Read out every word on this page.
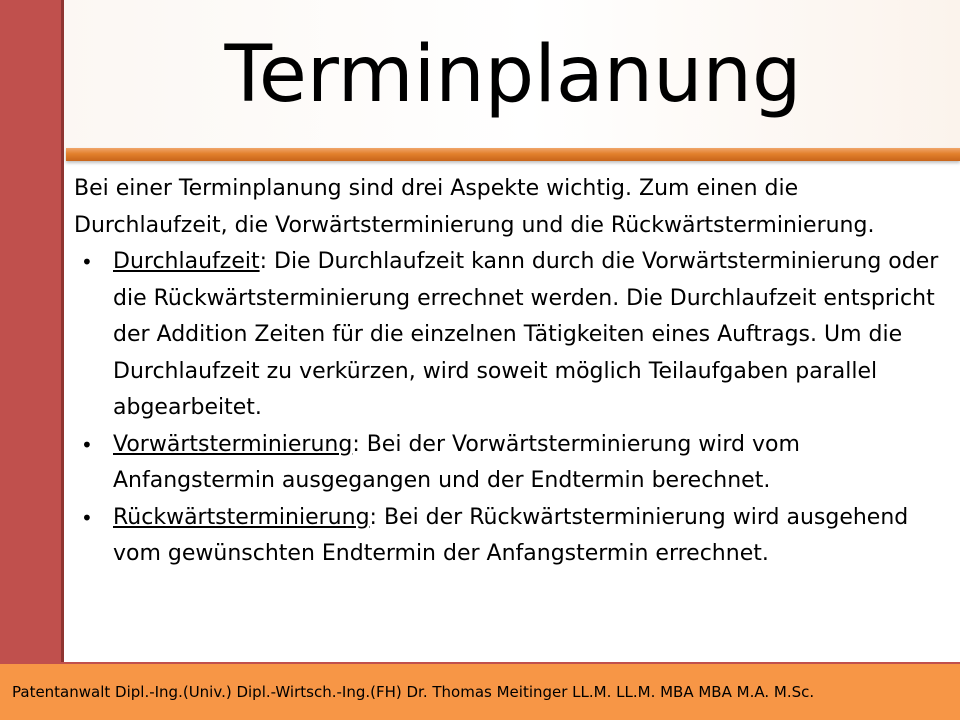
Terminplanung

Bei einer Terminplanung sind drei Aspekte wichtig. Zum einen die Durchlaufzeit, die Vorwärtsterminierung und die Rückwärtsterminierung.

• Durchlaufzeit: Die Durchlaufzeit kann durch die Vorwärtsterminierung oder die Rückwärtsterminierung errechnet werden. Die Durchlaufzeit entspricht der Addition Zeiten für die einzelnen Tätigkeiten eines Auftrags. Um die Durchlaufzeit zu verkürzen, wird soweit möglich Teilaufgaben parallel abgearbeitet.
• Vorwärtsterminierung: Bei der Vorwärtsterminierung wird vom Anfangstermin ausgegangen und der Endtermin berechnet.
• Rückwärtsterminierung: Bei der Rückwärtsterminierung wird ausgehend vom gewünschten Endtermin der Anfangstermin errechnet.
Patentanwalt Dipl.-Ing.(Univ.) Dipl.-Wirtsch.-Ing.(FH) Dr. Thomas Meitinger LL.M. LL.M. MBA MBA M.A. M.Sc.
